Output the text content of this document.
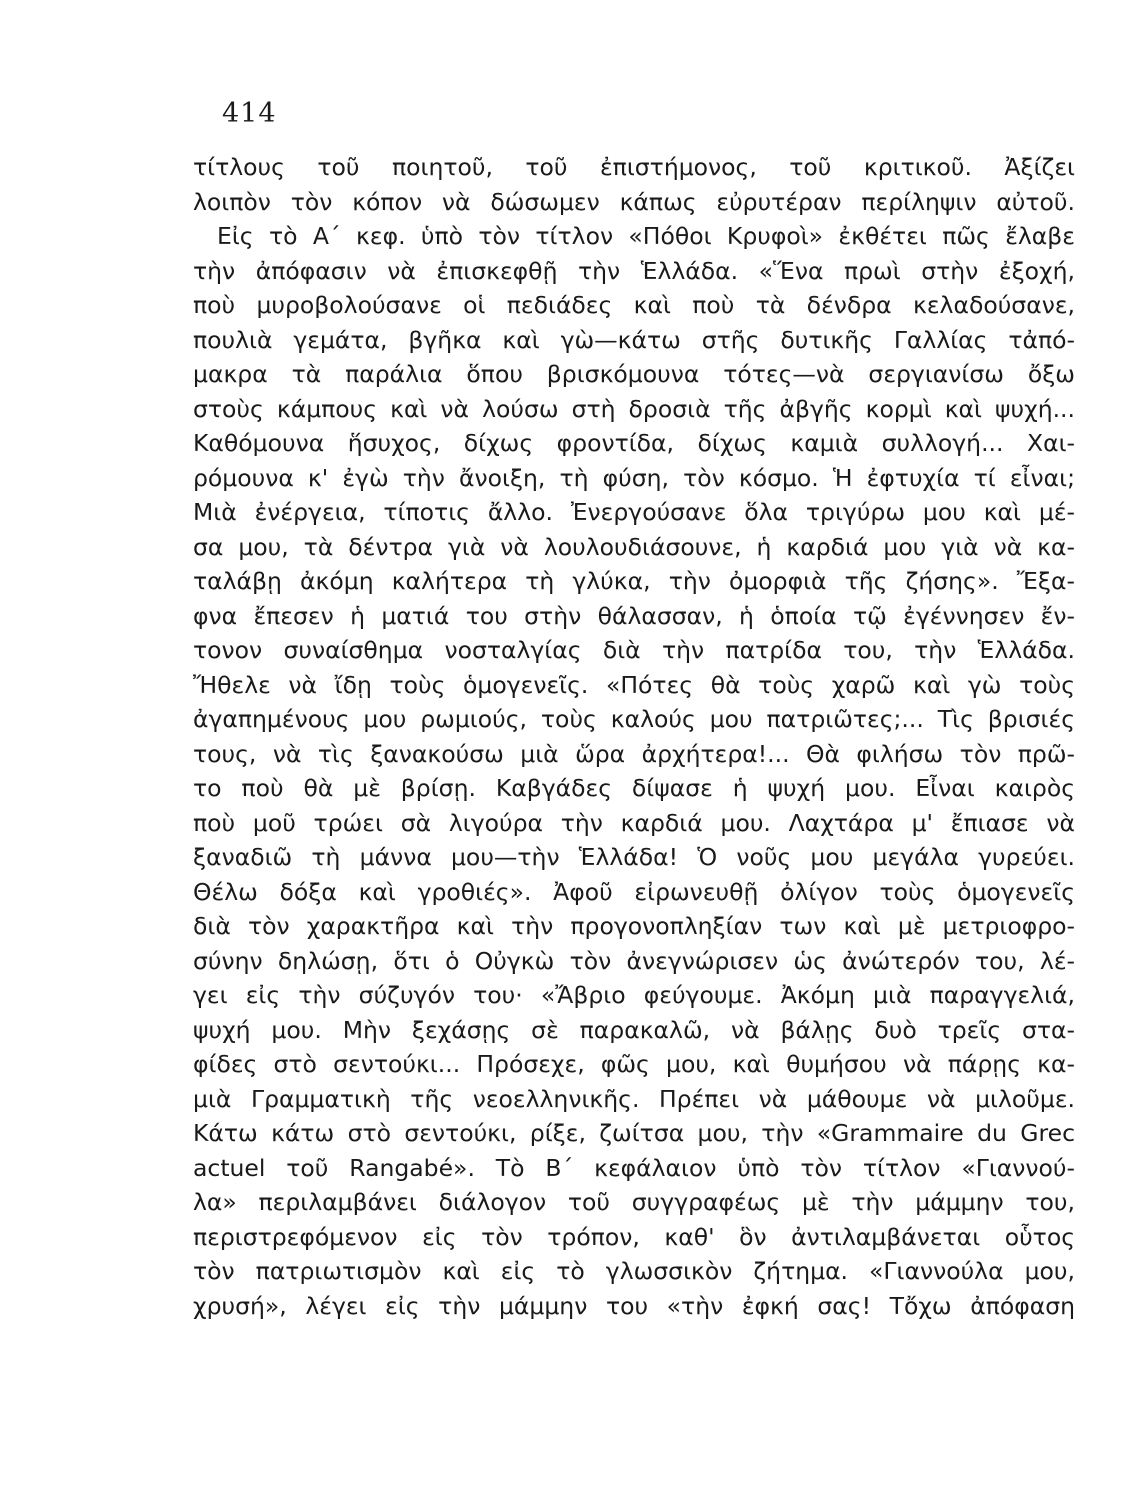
414
τίτλους τοῦ ποιητοῦ, τοῦ ἐπιστήμονος, τοῦ κριτικοῦ. Ἀξίζει
λοιπὸν τὸν κόπον νὰ δώσωμεν κάπως εὐρυτέραν περίληψιν αὐτοῦ.
Εἰς τὸ Α΄ κεφ. ὑπὸ τὸν τίτλον «Πόθοι Κρυφοὶ» ἐκθέτει πῶς ἔλαβε
τὴν ἀπόφασιν νὰ ἐπισκεφθῇ τὴν Ἑλλάδα. «Ἕνα πρωὶ στὴν ἐξοχή,
ποὺ μυροβολούσανε οἱ πεδιάδες καὶ ποὺ τὰ δένδρα κελαδούσανε,
πουλιὰ γεμάτα, βγῆκα καὶ γὼ—κάτω στῆς δυτικῆς Γαλλίας τἀπό-
μακρα τὰ παράλια ὅπου βρισκόμουνα τότες—νὰ σεργιανίσω ὄξω
στοὺς κάμπους καὶ νὰ λούσω στὴ δροσιὰ τῆς ἀβγῆς κορμὶ καὶ ψυχή...
Καθόμουνα ἥσυχος, δίχως φροντίδα, δίχως καμιὰ συλλογή... Χαι-
ρόμουνα κ' ἐγὼ τὴν ἄνοιξη, τὴ φύση, τὸν κόσμο. Ἡ ἐφτυχία τί εἶναι;
Μιὰ ἐνέργεια, τίποτις ἄλλο. Ἐνεργούσανε ὅλα τριγύρω μου καὶ μέ-
σα μου, τὰ δέντρα γιὰ νὰ λουλουδιάσουνε, ἡ καρδιά μου γιὰ νὰ κα-
ταλάβῃ ἀκόμη καλήτερα τὴ γλύκα, τὴν ὀμορφιὰ τῆς ζήσης». Ἔξα-
φνα ἔπεσεν ἡ ματιά του στὴν θάλασσαν, ἡ ὁποία τῷ ἐγέννησεν ἔν-
τονον συναίσθημα νοσταλγίας διὰ τὴν πατρίδα του, τὴν Ἑλλάδα.
Ἤθελε νὰ ἴδῃ τοὺς ὁμογενεῖς. «Πότες θὰ τοὺς χαρῶ καὶ γὼ τοὺς
ἀγαπημένους μου ρωμιούς, τοὺς καλούς μου πατριῶτες;... Τὶς βρισιές
τους, νὰ τὶς ξανακούσω μιὰ ὥρα ἀρχήτερα!... Θὰ φιλήσω τὸν πρῶ-
το ποὺ θὰ μὲ βρίσῃ. Καβγάδες δίψασε ἡ ψυχή μου. Εἶναι καιρὸς
ποὺ μοῦ τρώει σὰ λιγούρα τὴν καρδιά μου. Λαχτάρα μ' ἔπιασε νὰ
ξαναδιῶ τὴ μάννα μου—τὴν Ἑλλάδα! Ὁ νοῦς μου μεγάλα γυρεύει.
Θέλω δόξα καὶ γροθιές». Ἀφοῦ εἰρωνευθῇ ὀλίγον τοὺς ὁμογενεῖς
διὰ τὸν χαρακτῆρα καὶ τὴν προγονοπληξίαν των καὶ μὲ μετριοφρο-
σύνην δηλώσῃ, ὅτι ὁ Οὐγκὼ τὸν ἀνεγνώρισεν ὡς ἀνώτερόν του, λέ-
γει εἰς τὴν σύζυγόν του· «Ἄβριο φεύγουμε. Ἀκόμη μιὰ παραγγελιά,
ψυχή μου. Μὴν ξεχάσῃς σὲ παρακαλῶ, νὰ βάλῃς δυὸ τρεῖς στα-
φίδες στὸ σεντούκι... Πρόσεχε, φῶς μου, καὶ θυμήσου νὰ πάρῃς κα-
μιὰ Γραμματικὴ τῆς νεοελληνικῆς. Πρέπει νὰ μάθουμε νὰ μιλοῦμε.
Κάτω κάτω στὸ σεντούκι, ρίξε, ζωίτσα μου, τὴν «Grammaire du Grec
actuel τοῦ Rangabé». Τὸ Β΄ κεφάλαιον ὑπὸ τὸν τίτλον «Γιαννού-
λα» περιλαμβάνει διάλογον τοῦ συγγραφέως μὲ τὴν μάμμην του,
περιστρεφόμενον εἰς τὸν τρόπον, καθ' ὃν ἀντιλαμβάνεται οὗτος
τὸν πατριωτισμὸν καὶ εἰς τὸ γλωσσικὸν ζήτημα. «Γιαννούλα μου,
χρυσή», λέγει εἰς τὴν μάμμην του «τὴν ἐφκή σας! Τὄχω ἀπόφαση
